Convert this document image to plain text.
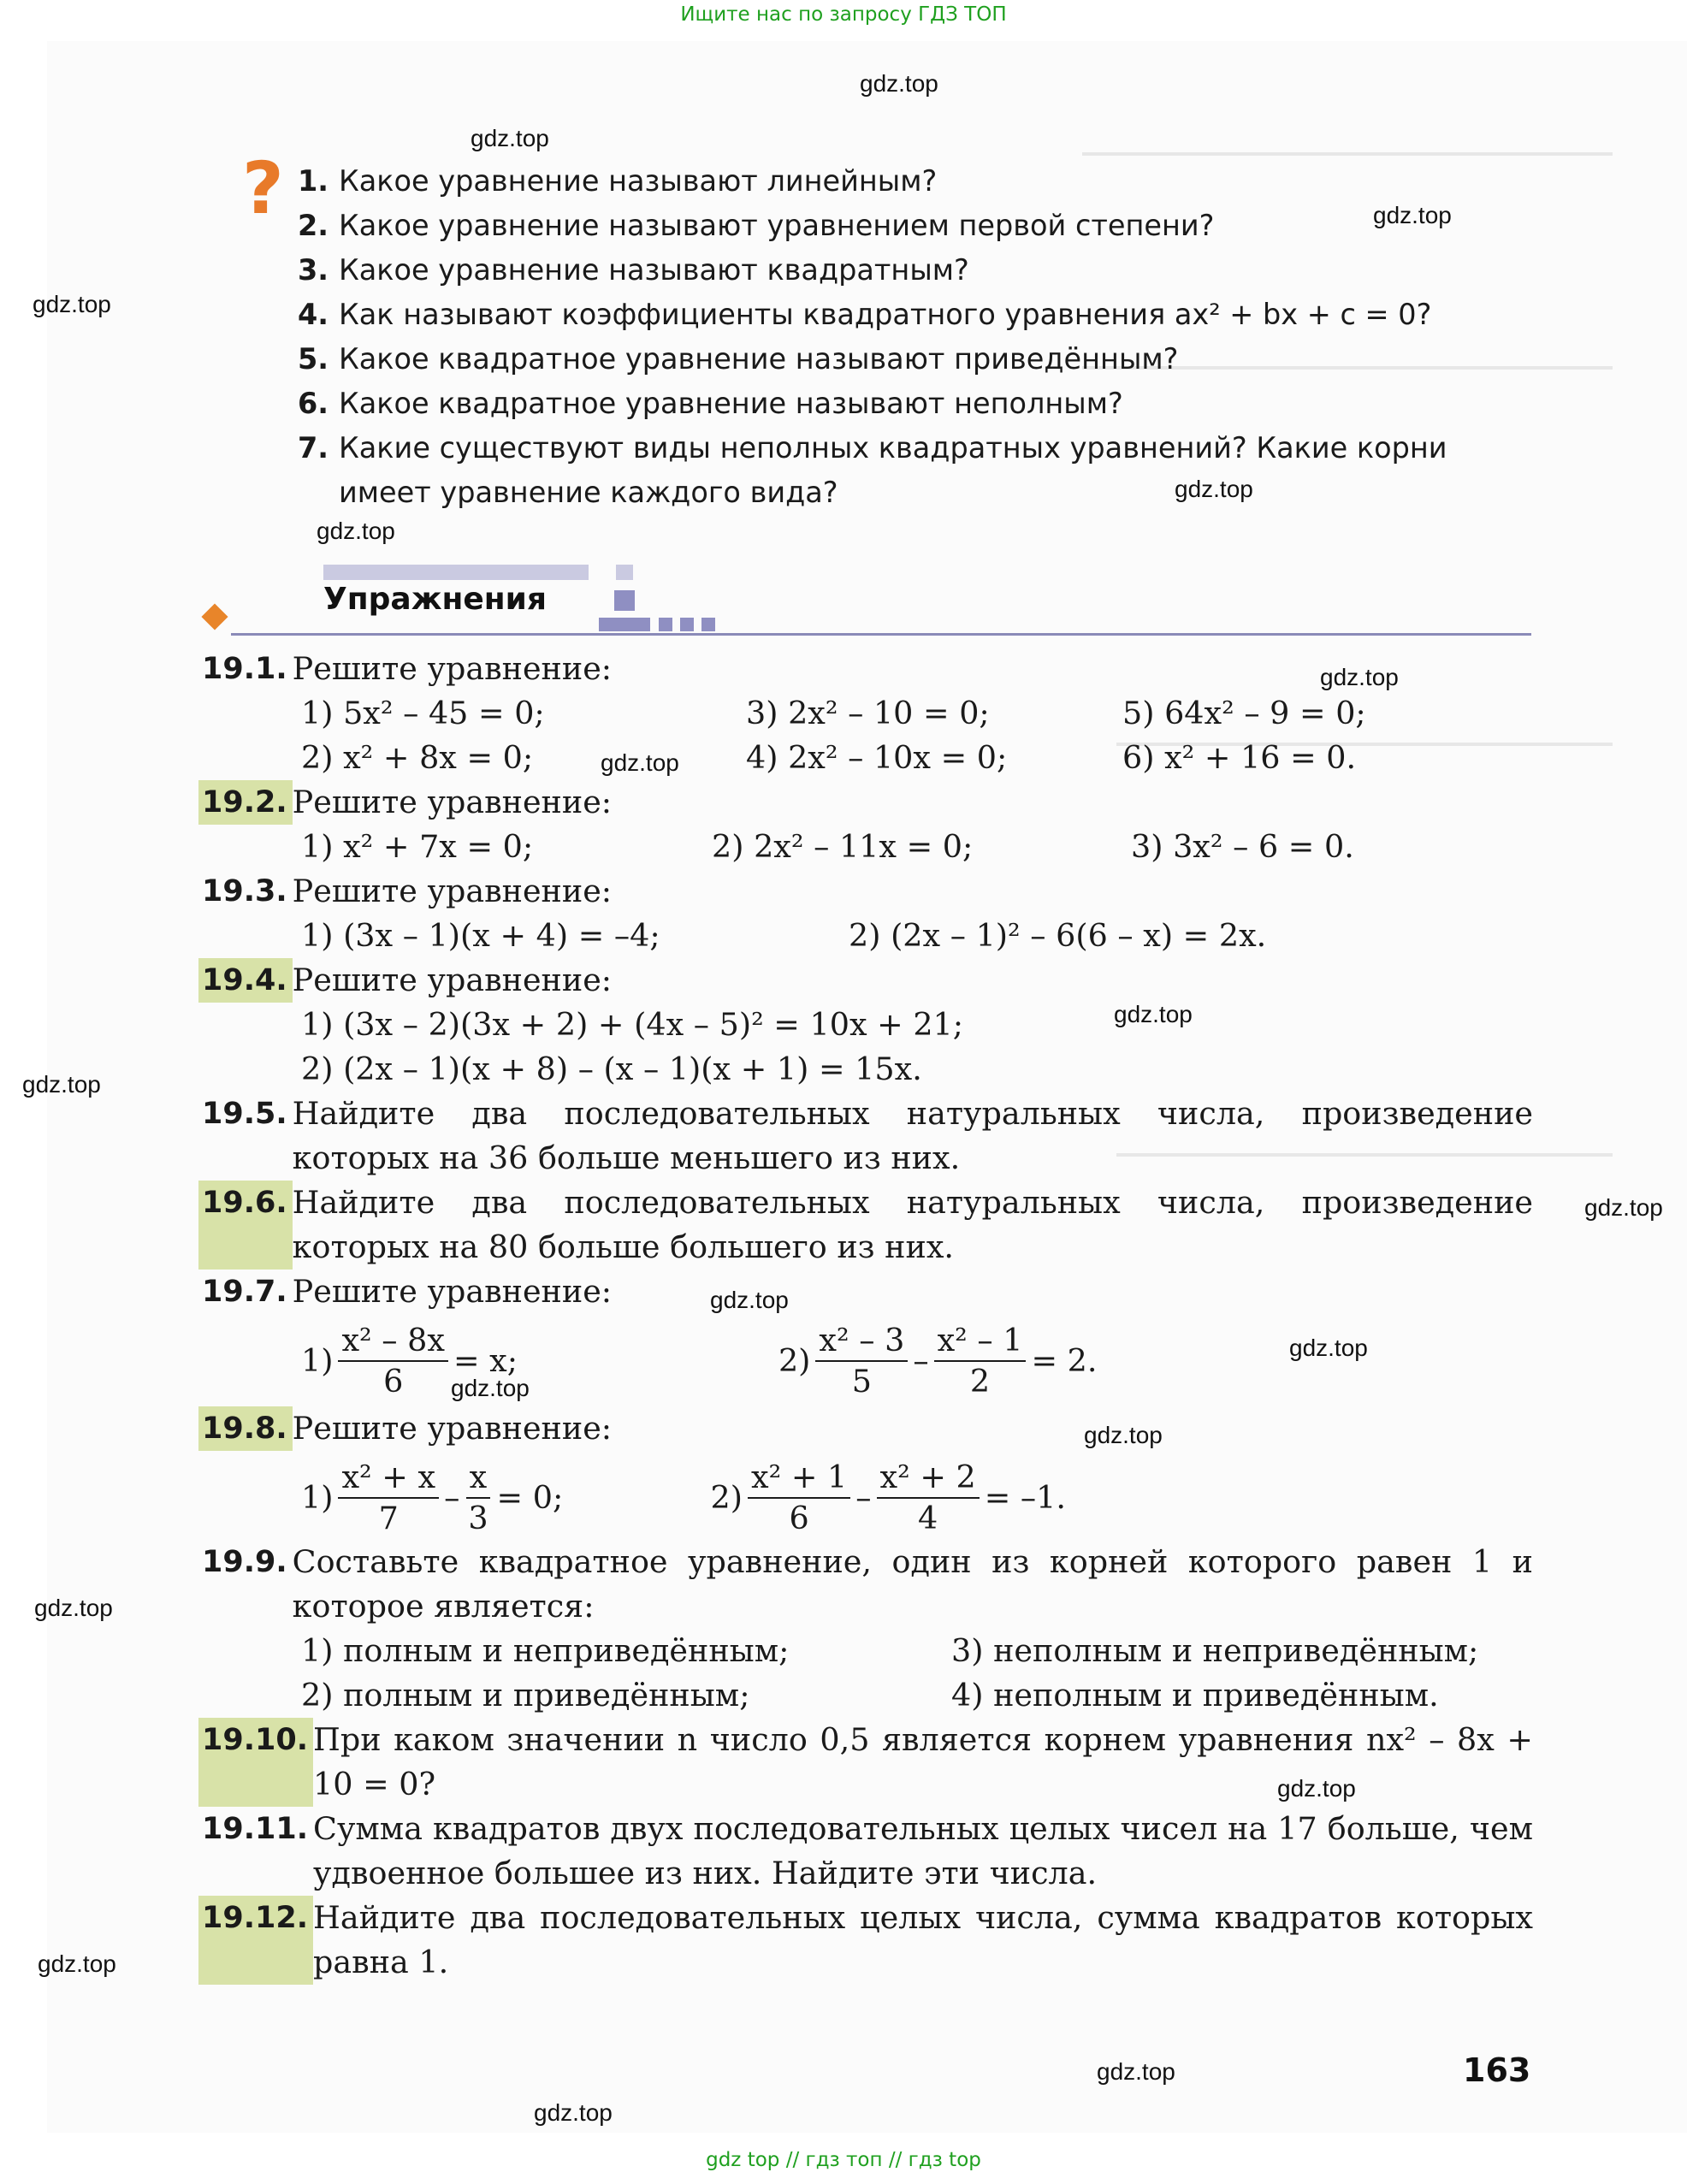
Ищите нас по запросу ГДЗ ТОП
? 1. Какое уравнение называют линейным?
2. Какое уравнение называют уравнением первой степени?
3. Какое уравнение называют квадратным?
4. Как называют коэффициенты квадратного уравнения ax² + bx + c = 0?
5. Какое квадратное уравнение называют приведённым?
6. Какое квадратное уравнение называют неполным?
7. Какие существуют виды неполных квадратных уравнений? Какие корни имеет уравнение каждого вида?
Упражнения
19.1. Решите уравнение:
1) 5x² – 45 = 0;	3) 2x² – 10 = 0;	5) 64x² – 9 = 0;
2) x² + 8x = 0;	4) 2x² – 10x = 0;	6) x² + 16 = 0.
19.2. Решите уравнение:
1) x² + 7x = 0;	2) 2x² – 11x = 0;	3) 3x² – 6 = 0.
19.3. Решите уравнение:
1) (3x – 1)(x + 4) = –4;	2) (2x – 1)² – 6(6 – x) = 2x.
19.4. Решите уравнение:
1) (3x – 2)(3x + 2) + (4x – 5)² = 10x + 21;
2) (2x – 1)(x + 8) – (x – 1)(x + 1) = 15x.
19.5. Найдите два последовательных натуральных числа, произведение которых на 36 больше меньшего из них.
19.6. Найдите два последовательных натуральных числа, произведение которых на 80 больше большего из них.
19.7. Решите уравнение:
$1) \frac{\text{x² – 8x}}{6} = x$;	$2) \frac{\text{x² – 3}}{5} - \frac{\text{x² – 1}}{2} = 2$.
19.8. Решите уравнение:
$1) \frac{\text{x² + x}}{7} - \frac{x}{3} = 0$;	$2) \frac{\text{x² + 1}}{6} - \frac{\text{x² + 2}}{4} = -1$.
19.9. Составьте квадратное уравнение, один из корней которого равен 1 и которое является:
1) полным и неприведённым;	3) неполным и неприведённым;
2) полным и приведённым;	4) неполным и приведённым.
19.10. При каком значении n число 0,5 является корнем уравнения nx² – 8x + 10 = 0?
19.11. Сумма квадратов двух последовательных целых чисел на 17 больше, чем удвоенное большее из них. Найдите эти числа.
19.12. Найдите два последовательных целых числа, сумма квадратов которых равна 1.
163
gdz.top
gdz.top
gdz.top
gdz.top
gdz.top
gdz.top
gdz.top
gdz.top
gdz.top
gdz.top
gdz.top
gdz.top
gdz.top
gdz.top
gdz.top
gdz.top
gdz.top
gdz.top
gdz.top
gdz.top
gdz top // гдз топ // гдз top
